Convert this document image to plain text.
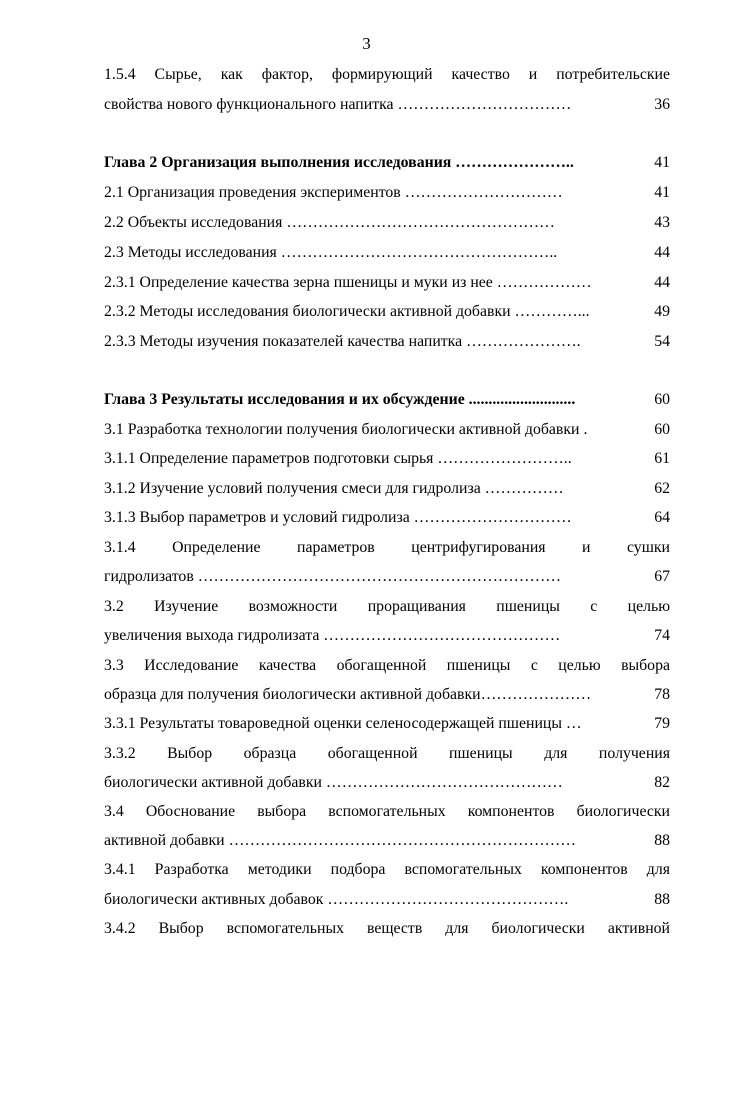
3
1.5.4 Сырье, как фактор, формирующий качество и потребительские
свойства нового функционального напитка ……………………………	36
Глава 2 Организация выполнения исследования …………………..	41
2.1 Организация проведения экспериментов …………………………	41
2.2 Объекты исследования ……………………………………………	43
2.3 Методы исследования ……………………………………………..	44
2.3.1 Определение качества зерна пшеницы и муки из нее ………………	44
2.3.2 Методы исследования биологически активной добавки …………...	49
2.3.3 Методы изучения показателей качества напитка ………………….	54
Глава 3 Результаты исследования и их обсуждение ...........................	60
3.1 Разработка технологии получения биологически активной добавки .	60
3.1.1 Определение параметров подготовки сырья ……………………..	61
3.1.2 Изучение условий получения смеси для гидролиза ……………	62
3.1.3 Выбор параметров и условий гидролиза …………………………	64
3.1.4 Определение параметров центрифугирования и сушки
гидролизатов ……………………………………………………………	67
3.2 Изучение возможности проращивания пшеницы с целью
увеличения выхода гидролизата ………………………………………	74
3.3 Исследование качества обогащенной пшеницы с целью выбора
образца для получения биологически активной добавки…………………	78
3.3.1 Результаты товароведной оценки селеносодержащей пшеницы …	79
3.3.2 Выбор образца обогащенной пшеницы для получения
биологически активной добавки ………………………………………	82
3.4 Обоснование выбора вспомогательных компонентов биологически
активной добавки …………………………………………………………	88
3.4.1 Разработка методики подбора вспомогательных компонентов для
биологически активных добавок ……………………………………….	88
3.4.2 Выбор вспомогательных веществ для биологически активной
